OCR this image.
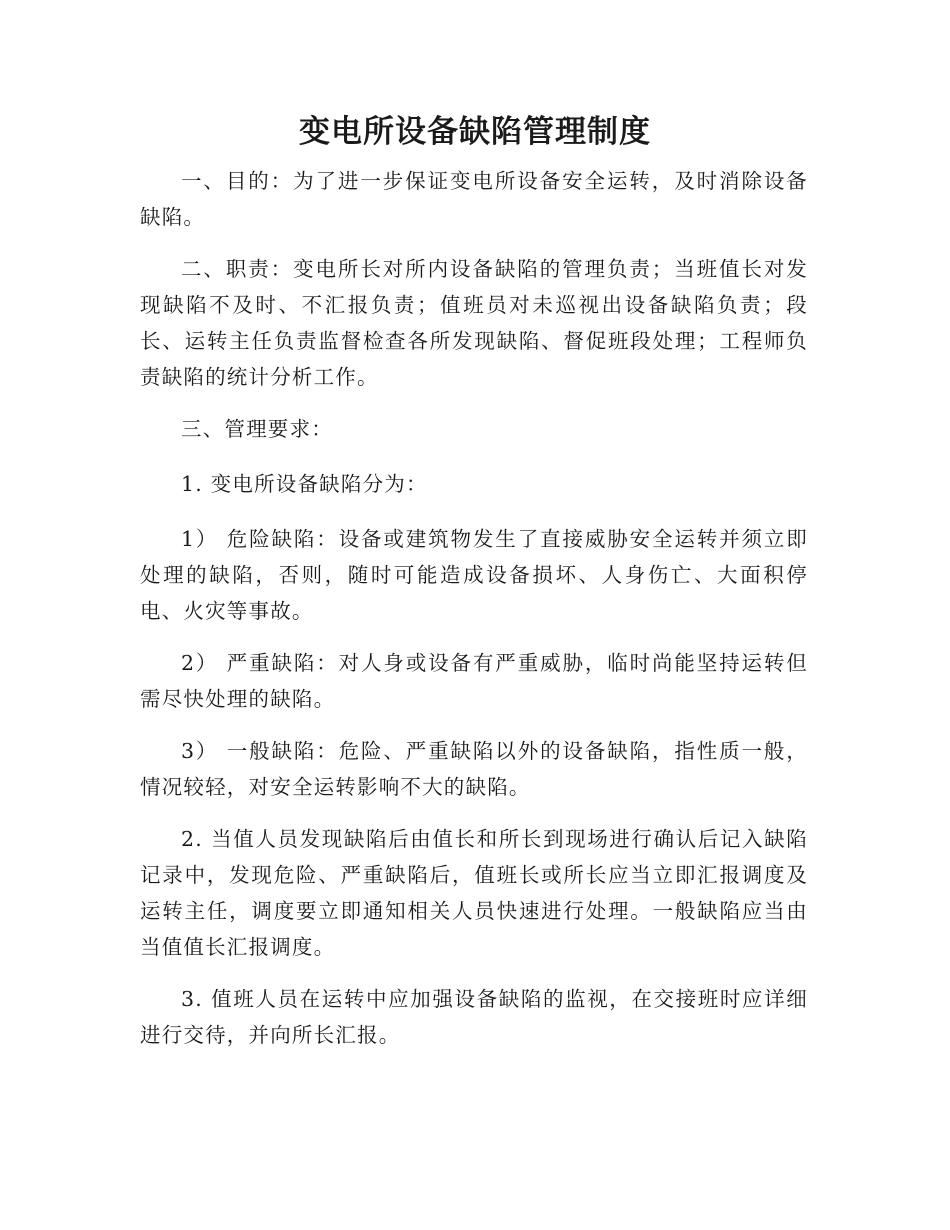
变电所设备缺陷管理制度

一、目的：为了进一步保证变电所设备安全运转，及时消除设备缺陷。

二、职责：变电所长对所内设备缺陷的管理负责；当班值长对发现缺陷不及时、不汇报负责；值班员对未巡视出设备缺陷负责；段长、运转主任负责监督检查各所发现缺陷、督促班段处理；工程师负责缺陷的统计分析工作。

三、管理要求：

1. 变电所设备缺陷分为：

1） 危险缺陷：设备或建筑物发生了直接威胁安全运转并须立即处理的缺陷，否则，随时可能造成设备损坏、人身伤亡、大面积停电、火灾等事故。

2） 严重缺陷：对人身或设备有严重威胁，临时尚能坚持运转但需尽快处理的缺陷。

3） 一般缺陷：危险、严重缺陷以外的设备缺陷，指性质一般，情况较轻，对安全运转影响不大的缺陷。

2. 当值人员发现缺陷后由值长和所长到现场进行确认后记入缺陷记录中，发现危险、严重缺陷后，值班长或所长应当立即汇报调度及运转主任，调度要立即通知相关人员快速进行处理。一般缺陷应当由当值值长汇报调度。

3. 值班人员在运转中应加强设备缺陷的监视，在交接班时应详细进行交待，并向所长汇报。
